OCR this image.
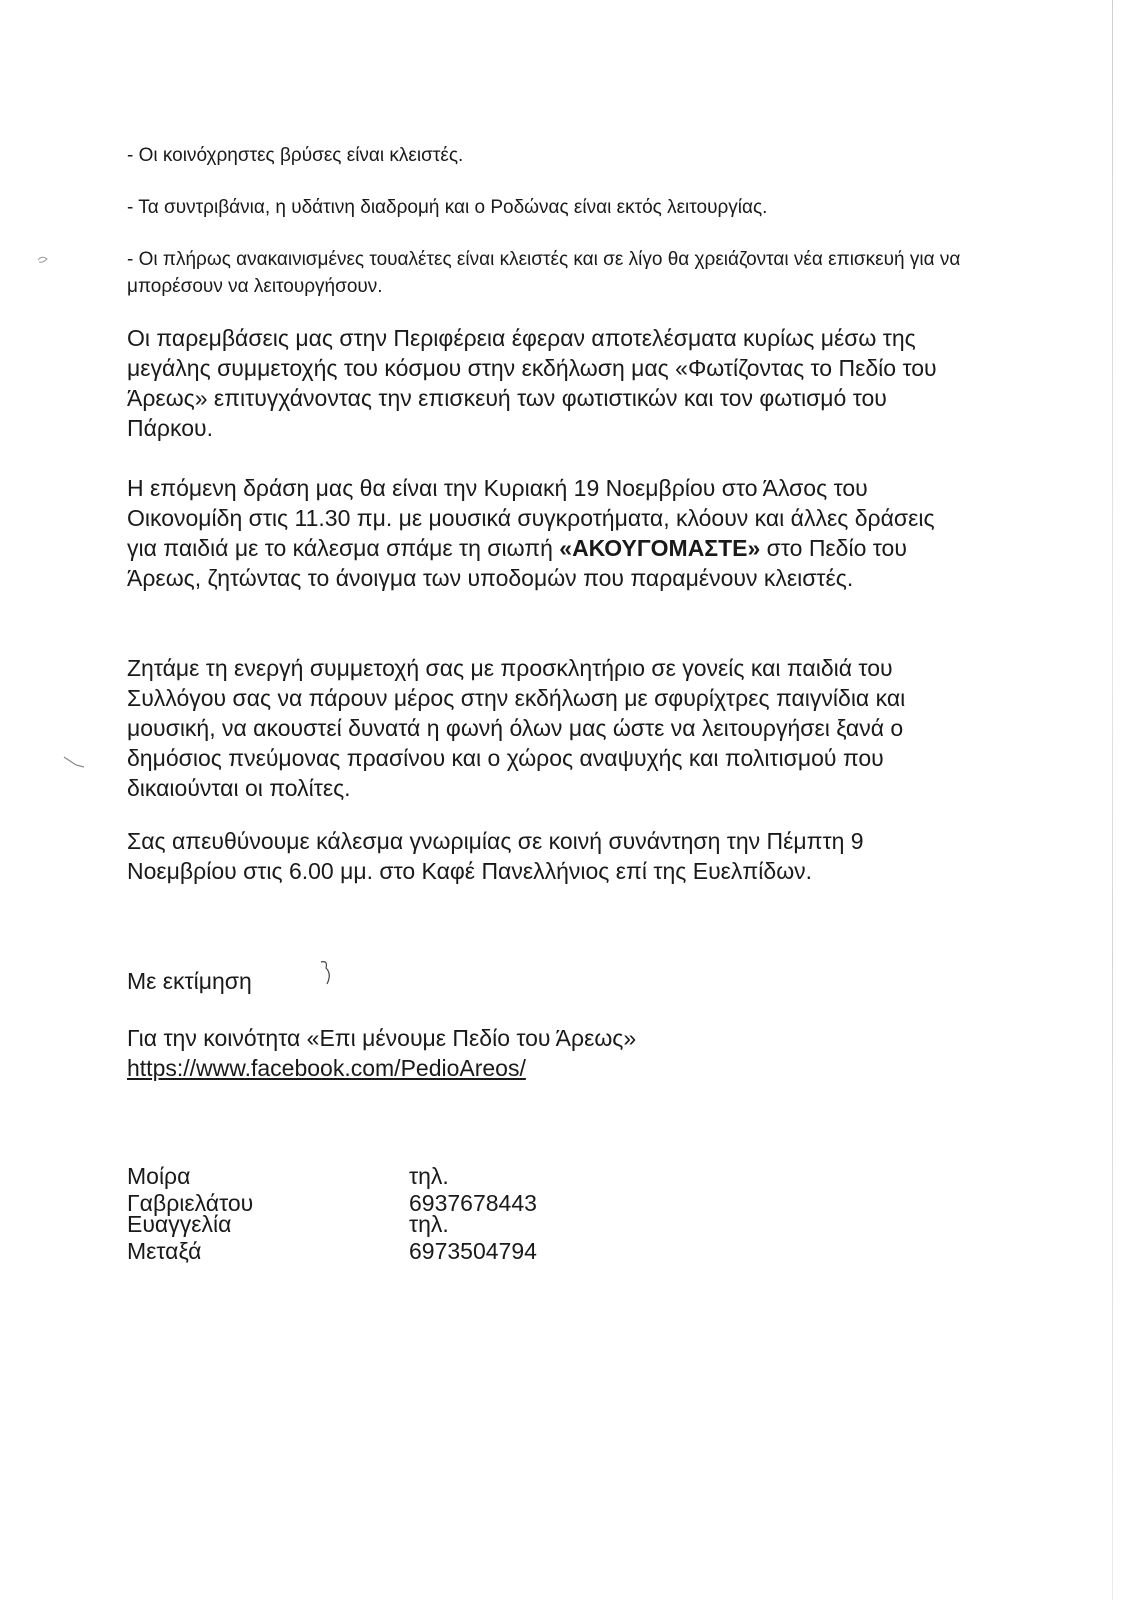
- Οι κοινόχρηστες βρύσες είναι κλειστές.
- Τα συντριβάνια, η υδάτινη διαδρομή και ο Ροδώνας είναι εκτός λειτουργίας.
- Οι πλήρως ανακαινισμένες τουαλέτες είναι κλειστές και σε λίγο θα χρειάζονται νέα επισκευή για να μπορέσουν να λειτουργήσουν.

Οι παρεμβάσεις μας στην Περιφέρεια έφεραν αποτελέσματα κυρίως μέσω της μεγάλης συμμετοχής του κόσμου στην εκδήλωση μας «Φωτίζοντας το Πεδίο του Άρεως» επιτυγχάνοντας την επισκευή των φωτιστικών και τον φωτισμό του Πάρκου.

Η επόμενη δράση μας θα είναι την Κυριακή 19 Νοεμβρίου στο Άλσος του Οικονομίδη στις 11.30 πμ. με μουσικά συγκροτήματα, κλόουν και άλλες δράσεις για παιδιά με το κάλεσμα σπάμε τη σιωπή «ΑΚΟΥΓΟΜΑΣΤΕ» στο Πεδίο του Άρεως, ζητώντας το άνοιγμα των υποδομών που παραμένουν κλειστές.

Ζητάμε τη ενεργή συμμετοχή σας με προσκλητήριο σε γονείς και παιδιά του Συλλόγου σας να πάρουν μέρος στην εκδήλωση με σφυρίχτρες παιγνίδια και μουσική, να ακουστεί δυνατά η φωνή όλων μας ώστε να λειτουργήσει ξανά ο δημόσιος πνεύμονας πρασίνου και ο χώρος αναψυχής και πολιτισμού που δικαιούνται οι πολίτες.

Σας απευθύνουμε κάλεσμα γνωριμίας σε κοινή συνάντηση την Πέμπτη 9 Νοεμβρίου στις 6.00 μμ. στο Καφέ Πανελλήνιος επί της Ευελπίδων.

Με εκτίμηση
Για την κοινότητα «Επι μένουμε Πεδίο του Άρεως»
https://www.facebook.com/PedioAreos/
Μοίρα Γαβριελάτου
τηλ. 6937678443
Ευαγγελία Μεταξά
τηλ. 6973504794
